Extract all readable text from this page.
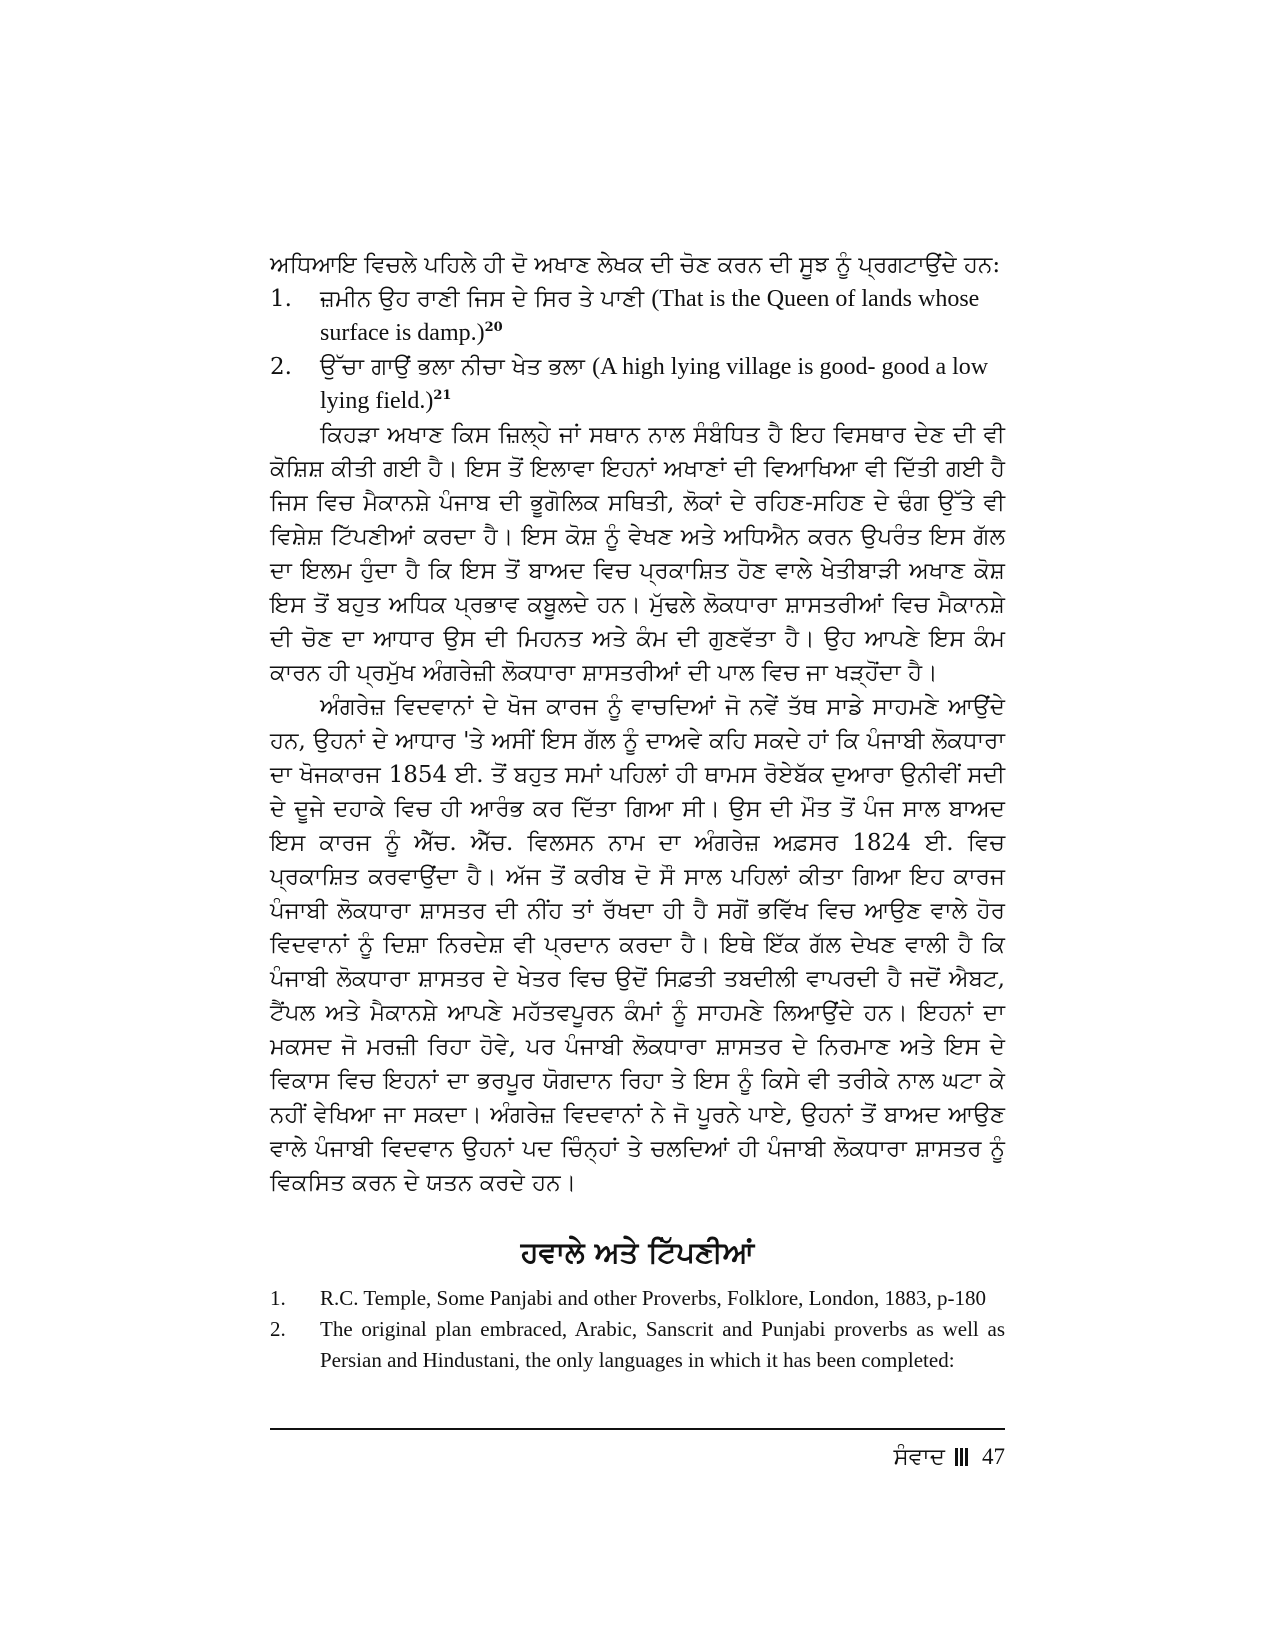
ਅਧਿਆਇ ਵਿਚਲੇ ਪਹਿਲੇ ਹੀ ਦੋ ਅਖਾਣ ਲੇਖਕ ਦੀ ਚੋਣ ਕਰਨ ਦੀ ਸੂਝ ਨੂੰ ਪ੍ਰਗਟਾਉਂਦੇ ਹਨ:

1.	ਜ਼ਮੀਨ ਉਹ ਰਾਣੀ ਜਿਸ ਦੇ ਸਿਰ ਤੇ ਪਾਣੀ (That is the Queen of lands whose surface is damp.)$^{20}$
2.	ਉੱਚਾ ਗਾਉਂ ਭਲਾ ਨੀਚਾ ਖੇਤ ਭਲਾ (A high lying village is good- good a low lying field.)$^{21}$

ਕਿਹੜਾ ਅਖਾਣ ਕਿਸ ਜ਼ਿਲ੍ਹੇ ਜਾਂ ਸਥਾਨ ਨਾਲ ਸੰਬੰਧਿਤ ਹੈ ਇਹ ਵਿਸਥਾਰ ਦੇਣ ਦੀ ਵੀ ਕੋਸ਼ਿਸ਼ ਕੀਤੀ ਗਈ ਹੈ। ਇਸ ਤੋਂ ਇਲਾਵਾ ਇਹਨਾਂ ਅਖਾਣਾਂ ਦੀ ਵਿਆਖਿਆ ਵੀ ਦਿੱਤੀ ਗਈ ਹੈ ਜਿਸ ਵਿਚ ਮੈਕਾਨਸ਼ੇ ਪੰਜਾਬ ਦੀ ਭੂਗੋਲਿਕ ਸਥਿਤੀ, ਲੋਕਾਂ ਦੇ ਰਹਿਣ-ਸਹਿਣ ਦੇ ਢੰਗ ਉੱਤੇ ਵੀ ਵਿਸ਼ੇਸ਼ ਟਿੱਪਣੀਆਂ ਕਰਦਾ ਹੈ। ਇਸ ਕੋਸ਼ ਨੂੰ ਵੇਖਣ ਅਤੇ ਅਧਿਐਨ ਕਰਨ ਉਪਰੰਤ ਇਸ ਗੱਲ ਦਾ ਇਲਮ ਹੁੰਦਾ ਹੈ ਕਿ ਇਸ ਤੋਂ ਬਾਅਦ ਵਿਚ ਪ੍ਰਕਾਸ਼ਿਤ ਹੋਣ ਵਾਲੇ ਖੇਤੀਬਾੜੀ ਅਖਾਣ ਕੋਸ਼ ਇਸ ਤੋਂ ਬਹੁਤ ਅਧਿਕ ਪ੍ਰਭਾਵ ਕਬੂਲਦੇ ਹਨ। ਮੁੱਢਲੇ ਲੋਕਧਾਰਾ ਸ਼ਾਸਤਰੀਆਂ ਵਿਚ ਮੈਕਾਨਸ਼ੇ ਦੀ ਚੋਣ ਦਾ ਆਧਾਰ ਉਸ ਦੀ ਮਿਹਨਤ ਅਤੇ ਕੰਮ ਦੀ ਗੁਣਵੱਤਾ ਹੈ। ਉਹ ਆਪਣੇ ਇਸ ਕੰਮ ਕਾਰਨ ਹੀ ਪ੍ਰਮੁੱਖ ਅੰਗਰੇਜ਼ੀ ਲੋਕਧਾਰਾ ਸ਼ਾਸਤਰੀਆਂ ਦੀ ਪਾਲ ਵਿਚ ਜਾ ਖੜ੍ਹੋਂਦਾ ਹੈ।

ਅੰਗਰੇਜ਼ ਵਿਦਵਾਨਾਂ ਦੇ ਖੋਜ ਕਾਰਜ ਨੂੰ ਵਾਚਦਿਆਂ ਜੋ ਨਵੇਂ ਤੱਥ ਸਾਡੇ ਸਾਹਮਣੇ ਆਉਂਦੇ ਹਨ, ਉਹਨਾਂ ਦੇ ਆਧਾਰ 'ਤੇ ਅਸੀਂ ਇਸ ਗੱਲ ਨੂੰ ਦਾਅਵੇ ਕਹਿ ਸਕਦੇ ਹਾਂ ਕਿ ਪੰਜਾਬੀ ਲੋਕਧਾਰਾ ਦਾ ਖੋਜਕਾਰਜ 1854 ਈ. ਤੋਂ ਬਹੁਤ ਸਮਾਂ ਪਹਿਲਾਂ ਹੀ ਥਾਮਸ ਰੋਏਬੱਕ ਦੁਆਰਾ ਉਨੀਵੀਂ ਸਦੀ ਦੇ ਦੂਜੇ ਦਹਾਕੇ ਵਿਚ ਹੀ ਆਰੰਭ ਕਰ ਦਿੱਤਾ ਗਿਆ ਸੀ। ਉਸ ਦੀ ਮੌਤ ਤੋਂ ਪੰਜ ਸਾਲ ਬਾਅਦ ਇਸ ਕਾਰਜ ਨੂੰ ਐੱਚ. ਐੱਚ. ਵਿਲਸਨ ਨਾਮ ਦਾ ਅੰਗਰੇਜ਼ ਅਫ਼ਸਰ 1824 ਈ. ਵਿਚ ਪ੍ਰਕਾਸ਼ਿਤ ਕਰਵਾਉਂਦਾ ਹੈ। ਅੱਜ ਤੋਂ ਕਰੀਬ ਦੋ ਸੌ ਸਾਲ ਪਹਿਲਾਂ ਕੀਤਾ ਗਿਆ ਇਹ ਕਾਰਜ ਪੰਜਾਬੀ ਲੋਕਧਾਰਾ ਸ਼ਾਸਤਰ ਦੀ ਨੀਂਹ ਤਾਂ ਰੱਖਦਾ ਹੀ ਹੈ ਸਗੋਂ ਭਵਿੱਖ ਵਿਚ ਆਉਣ ਵਾਲੇ ਹੋਰ ਵਿਦਵਾਨਾਂ ਨੂੰ ਦਿਸ਼ਾ ਨਿਰਦੇਸ਼ ਵੀ ਪ੍ਰਦਾਨ ਕਰਦਾ ਹੈ। ਇਥੇ ਇੱਕ ਗੱਲ ਦੇਖਣ ਵਾਲੀ ਹੈ ਕਿ ਪੰਜਾਬੀ ਲੋਕਧਾਰਾ ਸ਼ਾਸਤਰ ਦੇ ਖੇਤਰ ਵਿਚ ਉਦੋਂ ਸਿਫ਼ਤੀ ਤਬਦੀਲੀ ਵਾਪਰਦੀ ਹੈ ਜਦੋਂ ਐਬਟ, ਟੈਂਪਲ ਅਤੇ ਮੈਕਾਨਸ਼ੇ ਆਪਣੇ ਮਹੱਤਵਪੂਰਨ ਕੰਮਾਂ ਨੂੰ ਸਾਹਮਣੇ ਲਿਆਉਂਦੇ ਹਨ। ਇਹਨਾਂ ਦਾ ਮਕਸਦ ਜੋ ਮਰਜ਼ੀ ਰਿਹਾ ਹੋਵੇ, ਪਰ ਪੰਜਾਬੀ ਲੋਕਧਾਰਾ ਸ਼ਾਸਤਰ ਦੇ ਨਿਰਮਾਣ ਅਤੇ ਇਸ ਦੇ ਵਿਕਾਸ ਵਿਚ ਇਹਨਾਂ ਦਾ ਭਰਪੂਰ ਯੋਗਦਾਨ ਰਿਹਾ ਤੇ ਇਸ ਨੂੰ ਕਿਸੇ ਵੀ ਤਰੀਕੇ ਨਾਲ ਘਟਾ ਕੇ ਨਹੀਂ ਵੇਖਿਆ ਜਾ ਸਕਦਾ। ਅੰਗਰੇਜ਼ ਵਿਦਵਾਨਾਂ ਨੇ ਜੋ ਪੂਰਨੇ ਪਾਏ, ਉਹਨਾਂ ਤੋਂ ਬਾਅਦ ਆਉਣ ਵਾਲੇ ਪੰਜਾਬੀ ਵਿਦਵਾਨ ਉਹਨਾਂ ਪਦ ਚਿੰਨ੍ਹਾਂ ਤੇ ਚਲਦਿਆਂ ਹੀ ਪੰਜਾਬੀ ਲੋਕਧਾਰਾ ਸ਼ਾਸਤਰ ਨੂੰ ਵਿਕਸਿਤ ਕਰਨ ਦੇ ਯਤਨ ਕਰਦੇ ਹਨ।

ਹਵਾਲੇ ਅਤੇ ਟਿੱਪਣੀਆਂ
1.	R.C. Temple, Some Panjabi and other Proverbs, Folklore, London, 1883, p-180
2.	The original plan embraced, Arabic, Sanscrit and Punjabi proverbs as well as Persian and Hindustani, the only languages in which it has been completed:
ਸੰਵਾਦ 47
